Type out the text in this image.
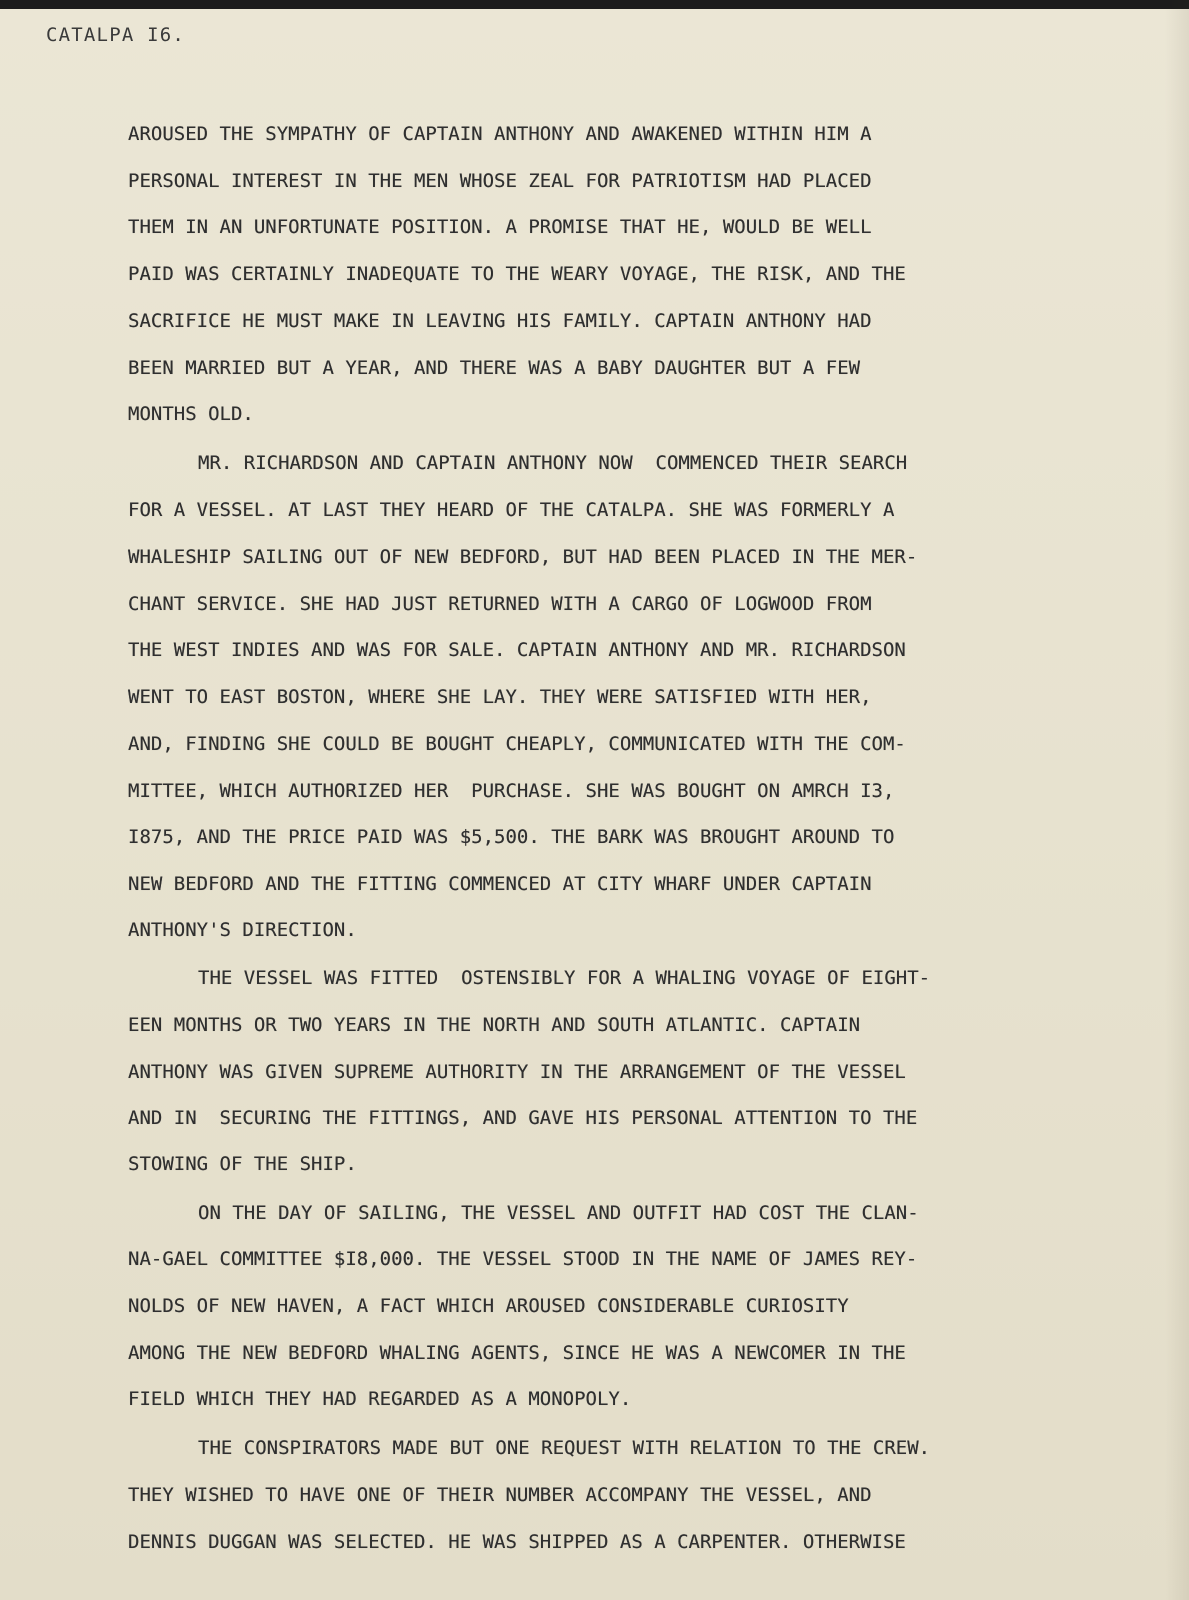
CATALPA I6.
AROUSED THE SYMPATHY OF CAPTAIN ANTHONY AND AWAKENED WITHIN HIM A
PERSONAL INTEREST IN THE MEN WHOSE ZEAL FOR PATRIOTISM HAD PLACED
THEM IN AN UNFORTUNATE POSITION. A PROMISE THAT HE, WOULD BE WELL
PAID WAS CERTAINLY INADEQUATE TO THE WEARY VOYAGE, THE RISK, AND THE
SACRIFICE HE MUST MAKE IN LEAVING HIS FAMILY. CAPTAIN ANTHONY HAD
BEEN MARRIED BUT A YEAR, AND THERE WAS A BABY DAUGHTER BUT A FEW
MONTHS OLD.
MR. RICHARDSON AND CAPTAIN ANTHONY NOW  COMMENCED THEIR SEARCH
FOR A VESSEL. AT LAST THEY HEARD OF THE CATALPA. SHE WAS FORMERLY A
WHALESHIP SAILING OUT OF NEW BEDFORD, BUT HAD BEEN PLACED IN THE MER-
CHANT SERVICE. SHE HAD JUST RETURNED WITH A CARGO OF LOGWOOD FROM
THE WEST INDIES AND WAS FOR SALE. CAPTAIN ANTHONY AND MR. RICHARDSON
WENT TO EAST BOSTON, WHERE SHE LAY. THEY WERE SATISFIED WITH HER,
AND, FINDING SHE COULD BE BOUGHT CHEAPLY, COMMUNICATED WITH THE COM-
MITTEE, WHICH AUTHORIZED HER  PURCHASE. SHE WAS BOUGHT ON AMRCH I3,
I875, AND THE PRICE PAID WAS $5,500. THE BARK WAS BROUGHT AROUND TO
NEW BEDFORD AND THE FITTING COMMENCED AT CITY WHARF UNDER CAPTAIN
ANTHONY'S DIRECTION.
THE VESSEL WAS FITTED  OSTENSIBLY FOR A WHALING VOYAGE OF EIGHT-
EEN MONTHS OR TWO YEARS IN THE NORTH AND SOUTH ATLANTIC. CAPTAIN
ANTHONY WAS GIVEN SUPREME AUTHORITY IN THE ARRANGEMENT OF THE VESSEL
AND IN  SECURING THE FITTINGS, AND GAVE HIS PERSONAL ATTENTION TO THE
STOWING OF THE SHIP.
ON THE DAY OF SAILING, THE VESSEL AND OUTFIT HAD COST THE CLAN-
NA-GAEL COMMITTEE $I8,000. THE VESSEL STOOD IN THE NAME OF JAMES REY-
NOLDS OF NEW HAVEN, A FACT WHICH AROUSED CONSIDERABLE CURIOSITY
AMONG THE NEW BEDFORD WHALING AGENTS, SINCE HE WAS A NEWCOMER IN THE
FIELD WHICH THEY HAD REGARDED AS A MONOPOLY.
THE CONSPIRATORS MADE BUT ONE REQUEST WITH RELATION TO THE CREW.
THEY WISHED TO HAVE ONE OF THEIR NUMBER ACCOMPANY THE VESSEL, AND
DENNIS DUGGAN WAS SELECTED. HE WAS SHIPPED AS A CARPENTER. OTHERWISE
